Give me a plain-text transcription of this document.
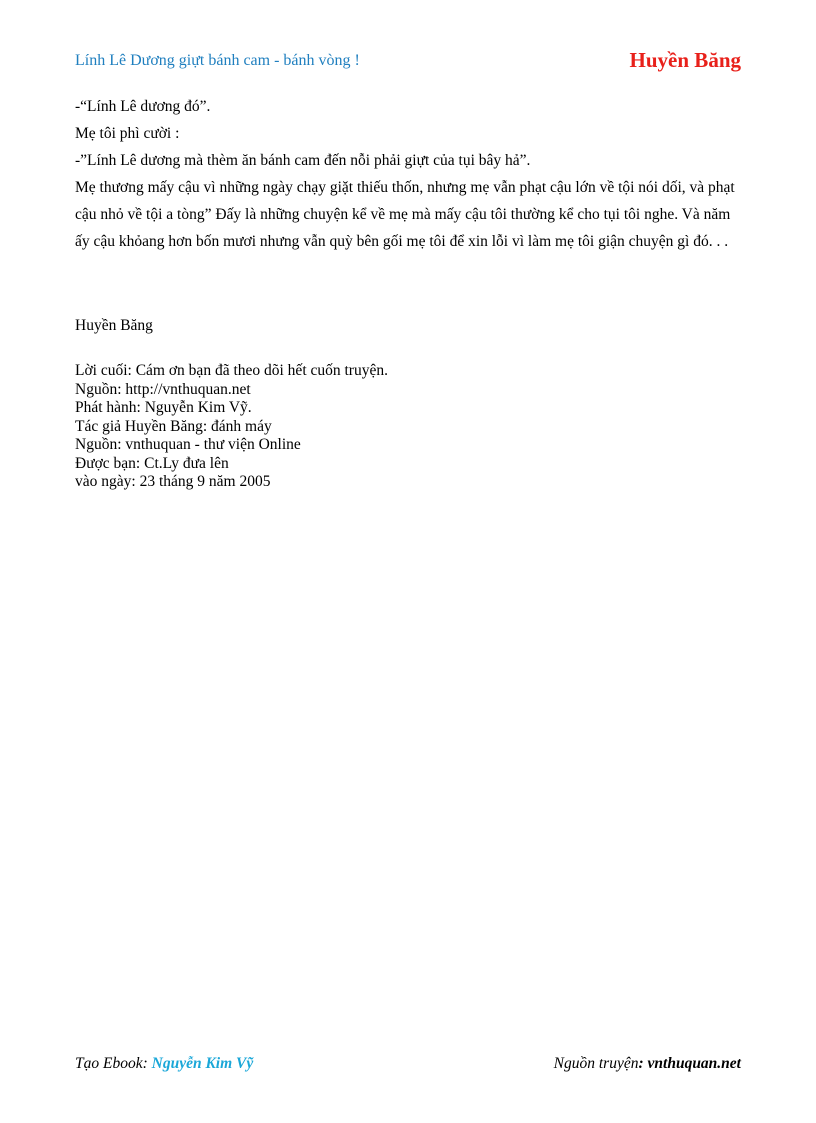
Lính Lê Dương giựt bánh cam - bánh vòng !	Huyền Băng

-“Lính Lê dương đó”.

Mẹ tôi phì cười :

-”Lính Lê dương mà thèm ăn bánh cam đến nỗi phải giựt của tụi bây hả”.

Mẹ thương mấy cậu vì những ngày chạy giặt thiếu thốn, nhưng mẹ vẫn phạt cậu lớn về tội nói dối, và phạt cậu nhỏ về tội a tòng” Đấy là những chuyện kể về mẹ mà mấy cậu tôi thường kể cho tụi tôi nghe. Và năm ấy cậu khỏang hơn bốn mươi nhưng vẫn quỳ bên gối mẹ tôi để xin lỗi vì làm mẹ tôi giận chuyện gì đó. . .

Huyền Băng
Lời cuối: Cám ơn bạn đã theo dõi hết cuốn truyện.
Nguồn: http://vnthuquan.net
Phát hành: Nguyễn Kim Vỹ.
Tác giả Huyền Băng: đánh máy
Nguồn: vnthuquan - thư viện Online
Được bạn: Ct.Ly đưa lên
vào ngày: 23 tháng 9 năm 2005
Tạo Ebook: Nguyễn Kim Vỹ	Nguồn truyện: vnthuquan.net
